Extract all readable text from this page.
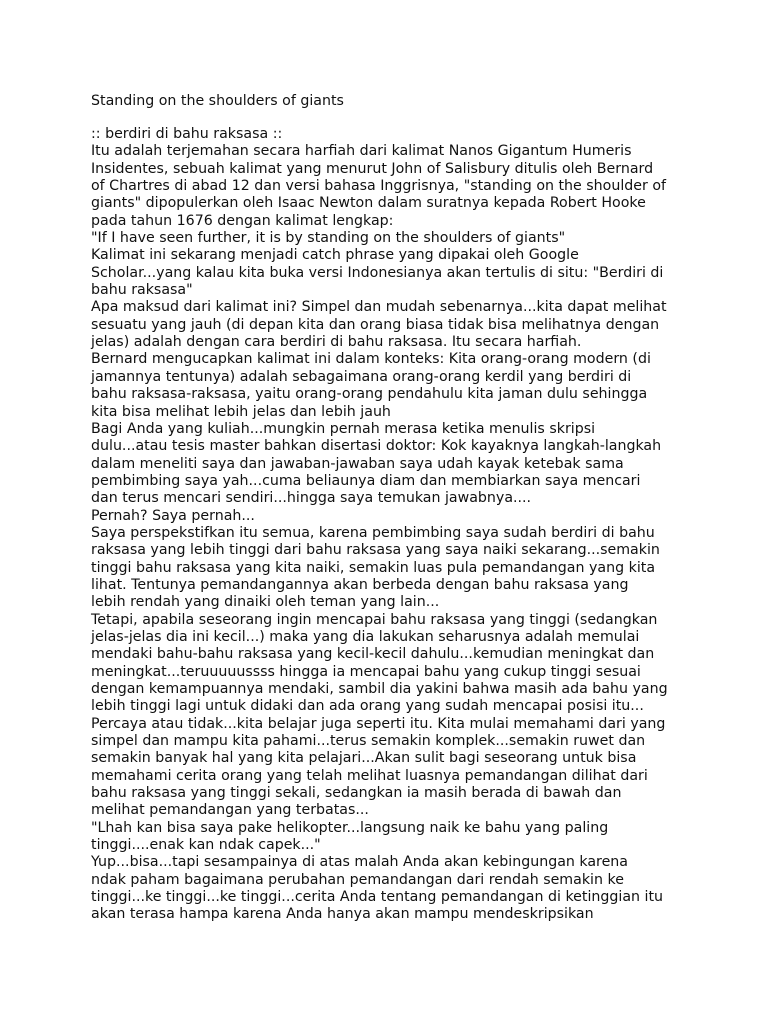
Standing on the shoulders of giants
:: berdiri di bahu raksasa ::
Itu adalah terjemahan secara harfiah dari kalimat Nanos Gigantum Humeris
Insidentes, sebuah kalimat yang menurut John of Salisbury ditulis oleh Bernard
of Chartres di abad 12 dan versi bahasa Inggrisnya, "standing on the shoulder of
giants" dipopulerkan oleh Isaac Newton dalam suratnya kepada Robert Hooke
pada tahun 1676 dengan kalimat lengkap:
"If I have seen further, it is by standing on the shoulders of giants"
Kalimat ini sekarang menjadi catch phrase yang dipakai oleh Google
Scholar...yang kalau kita buka versi Indonesianya akan tertulis di situ: "Berdiri di
bahu raksasa"
Apa maksud dari kalimat ini? Simpel dan mudah sebenarnya...kita dapat melihat
sesuatu yang jauh (di depan kita dan orang biasa tidak bisa melihatnya dengan
jelas) adalah dengan cara berdiri di bahu raksasa. Itu secara harfiah.
Bernard mengucapkan kalimat ini dalam konteks: Kita orang-orang modern (di
jamannya tentunya) adalah sebagaimana orang-orang kerdil yang berdiri di
bahu raksasa-raksasa, yaitu orang-orang pendahulu kita jaman dulu sehingga
kita bisa melihat lebih jelas dan lebih jauh
Bagi Anda yang kuliah...mungkin pernah merasa ketika menulis skripsi
dulu...atau tesis master bahkan disertasi doktor: Kok kayaknya langkah-langkah
dalam meneliti saya dan jawaban-jawaban saya udah kayak ketebak sama
pembimbing saya yah...cuma beliaunya diam dan membiarkan saya mencari
dan terus mencari sendiri...hingga saya temukan jawabnya....
Pernah? Saya pernah...
Saya perspekstifkan itu semua, karena pembimbing saya sudah berdiri di bahu
raksasa yang lebih tinggi dari bahu raksasa yang saya naiki sekarang...semakin
tinggi bahu raksasa yang kita naiki, semakin luas pula pemandangan yang kita
lihat. Tentunya pemandangannya akan berbeda dengan bahu raksasa yang
lebih rendah yang dinaiki oleh teman yang lain...
Tetapi, apabila seseorang ingin mencapai bahu raksasa yang tinggi (sedangkan
jelas-jelas dia ini kecil...) maka yang dia lakukan seharusnya adalah memulai
mendaki bahu-bahu raksasa yang kecil-kecil dahulu...kemudian meningkat dan
meningkat...teruuuuussss hingga ia mencapai bahu yang cukup tinggi sesuai
dengan kemampuannya mendaki, sambil dia yakini bahwa masih ada bahu yang
lebih tinggi lagi untuk didaki dan ada orang yang sudah mencapai posisi itu...
Percaya atau tidak...kita belajar juga seperti itu. Kita mulai memahami dari yang
simpel dan mampu kita pahami...terus semakin komplek...semakin ruwet dan
semakin banyak hal yang kita pelajari...Akan sulit bagi seseorang untuk bisa
memahami cerita orang yang telah melihat luasnya pemandangan dilihat dari
bahu raksasa yang tinggi sekali, sedangkan ia masih berada di bawah dan
melihat pemandangan yang terbatas...
"Lhah kan bisa saya pake helikopter...langsung naik ke bahu yang paling
tinggi....enak kan ndak capek..."
Yup...bisa...tapi sesampainya di atas malah Anda akan kebingungan karena
ndak paham bagaimana perubahan pemandangan dari rendah semakin ke
tinggi...ke tinggi...ke tinggi...cerita Anda tentang pemandangan di ketinggian itu
akan terasa hampa karena Anda hanya akan mampu mendeskripsikan
